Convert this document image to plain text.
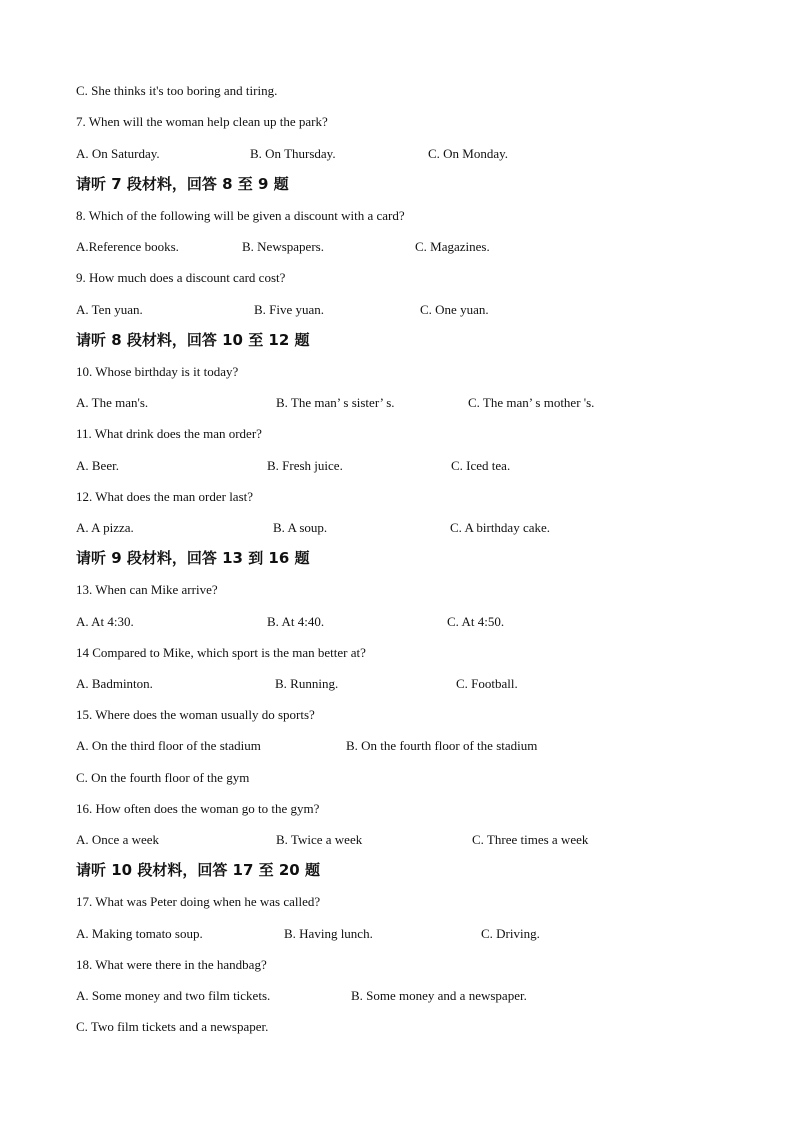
C. She thinks it's too boring and tiring.
7. When will the woman help clean up the park?
A. On Saturday.	B. On Thursday.	C. On Monday.
请听 7 段材料，回答 8 至 9 题
8. Which of the following will be given a discount with a card?
A.Reference books.	B. Newspapers.	C. Magazines.
9. How much does a discount card cost?
A. Ten yuan.	B. Five yuan.	C. One yuan.
请听 8 段材料，回答 10 至 12 题
10. Whose birthday is it today?
A. The man's.	B. The man’ s sister’ s.	C. The man’ s mother 's.
11. What drink does the man order?
A. Beer.	B. Fresh juice.	C. Iced tea.
12. What does the man order last?
A. A pizza.	B. A soup.	C. A birthday cake.
请听 9 段材料，回答 13 到 16 题
13. When can Mike arrive?
A. At 4:30.	B. At 4:40.	C. At 4:50.
14 Compared to Mike, which sport is the man better at?
A. Badminton.	B. Running.	C. Football.
15. Where does the woman usually do sports?
A. On the third floor of the stadium	B. On the fourth floor of the stadium
C. On the fourth floor of the gym
16. How often does the woman go to the gym?
A. Once a week	B. Twice a week	C. Three times a week
请听 10 段材料，回答 17 至 20 题
17. What was Peter doing when he was called?
A. Making tomato soup.	B. Having lunch.	C. Driving.
18. What were there in the handbag?
A. Some money and two film tickets.	B. Some money and a newspaper.
C. Two film tickets and a newspaper.
